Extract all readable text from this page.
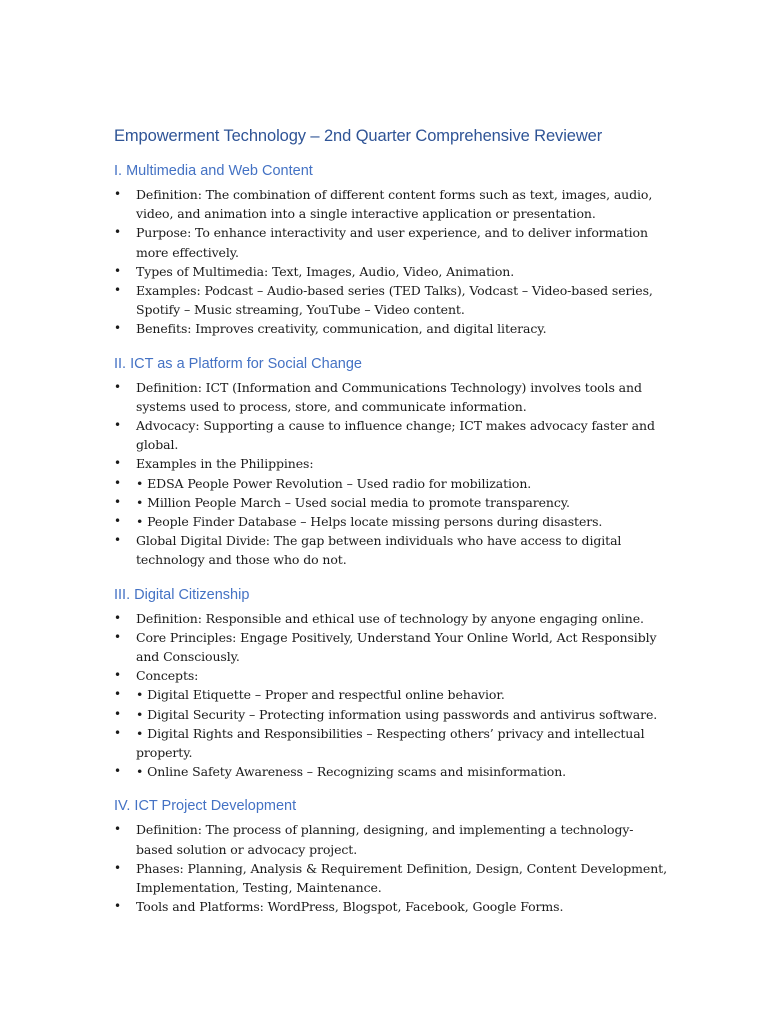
Empowerment Technology – 2nd Quarter Comprehensive Reviewer
I. Multimedia and Web Content
• Definition: The combination of different content forms such as text, images, audio, video, and animation into a single interactive application or presentation.
• Purpose: To enhance interactivity and user experience, and to deliver information more effectively.
• Types of Multimedia: Text, Images, Audio, Video, Animation.
• Examples: Podcast – Audio-based series (TED Talks), Vodcast – Video-based series, Spotify – Music streaming, YouTube – Video content.
• Benefits: Improves creativity, communication, and digital literacy.
II. ICT as a Platform for Social Change
• Definition: ICT (Information and Communications Technology) involves tools and systems used to process, store, and communicate information.
• Advocacy: Supporting a cause to influence change; ICT makes advocacy faster and global.
• Examples in the Philippines:
• • EDSA People Power Revolution – Used radio for mobilization.
• • Million People March – Used social media to promote transparency.
• • People Finder Database – Helps locate missing persons during disasters.
• Global Digital Divide: The gap between individuals who have access to digital technology and those who do not.
III. Digital Citizenship
• Definition: Responsible and ethical use of technology by anyone engaging online.
• Core Principles: Engage Positively, Understand Your Online World, Act Responsibly and Consciously.
• Concepts:
• • Digital Etiquette – Proper and respectful online behavior.
• • Digital Security – Protecting information using passwords and antivirus software.
• • Digital Rights and Responsibilities – Respecting others’ privacy and intellectual property.
• • Online Safety Awareness – Recognizing scams and misinformation.
IV. ICT Project Development
• Definition: The process of planning, designing, and implementing a technology-based solution or advocacy project.
• Phases: Planning, Analysis & Requirement Definition, Design, Content Development, Implementation, Testing, Maintenance.
• Tools and Platforms: WordPress, Blogspot, Facebook, Google Forms.
